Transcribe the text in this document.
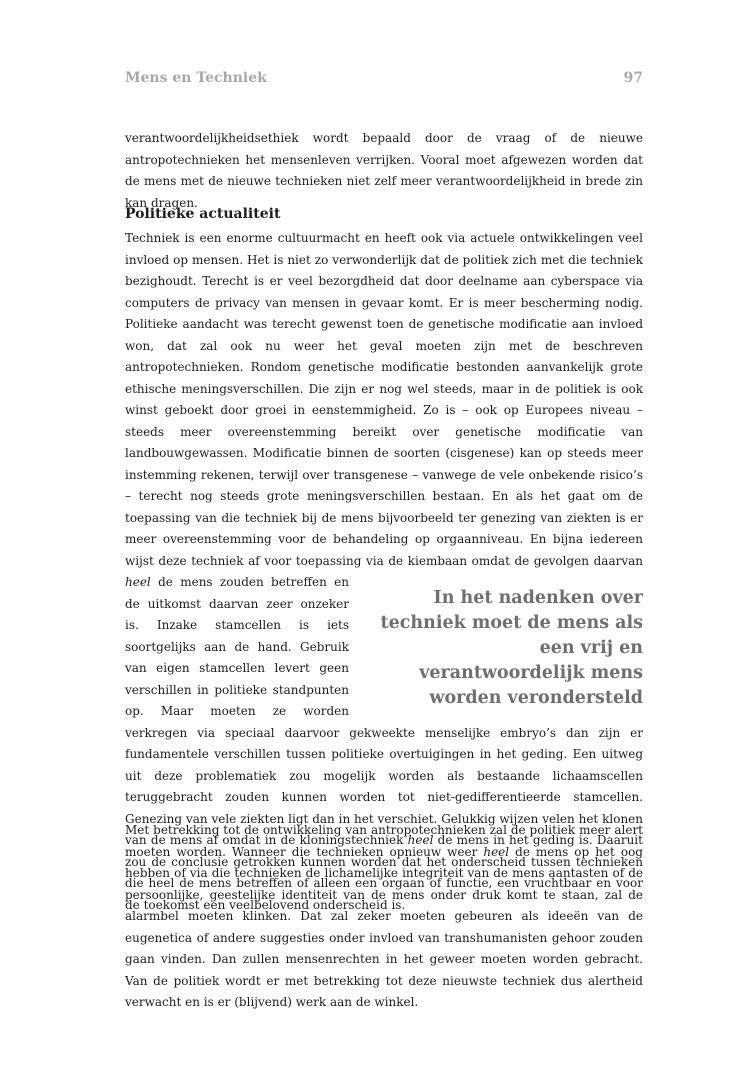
Mens en Techniek	97

verantwoordelijkheidsethiek wordt bepaald door de vraag of de nieuwe antropotechnieken het mensenleven verrijken. Vooral moet afgewezen worden dat de mens met de nieuwe technieken niet zelf meer verantwoordelijkheid in brede zin kan dragen.

Politieke actualiteit
Techniek is een enorme cultuurmacht en heeft ook via actuele ontwikkelingen veel invloed op mensen. Het is niet zo verwonderlijk dat de politiek zich met die techniek bezighoudt. Terecht is er veel bezorgdheid dat door deelname aan cyberspace via computers de privacy van mensen in gevaar komt. Er is meer bescherming nodig. Politieke aandacht was terecht gewenst toen de genetische modificatie aan invloed won, dat zal ook nu weer het geval moeten zijn met de beschreven antropotechnieken. Rondom genetische modificatie bestonden aanvankelijk grote ethische meningsverschillen. Die zijn er nog wel steeds, maar in de politiek is ook winst geboekt door groei in eenstemmigheid. Zo is – ook op Europees niveau – steeds meer overeenstemming bereikt over genetische modificatie van landbouwgewassen. Modificatie binnen de soorten (cisgenese) kan op steeds meer instemming rekenen, terwijl over transgenese – vanwege de vele onbekende risico’s – terecht nog steeds grote meningsverschillen bestaan. En als het gaat om de toepassing van die techniek bij de mens bijvoorbeeld ter genezing van ziekten is er meer overeenstemming voor de behandeling op orgaanniveau. En bijna iedereen wijst deze techniek af voor toepassing via de kiembaan omdat de gevolgen daarvan
In het nadenken over techniek moet de mens als een vrij en verantwoordelijk mens worden verondersteld
heel de mens zouden betreffen en de uitkomst daarvan zeer onzeker is. Inzake stamcellen is iets soortgelijks aan de hand. Gebruik van eigen stamcellen levert geen verschillen in politieke standpunten op. Maar moeten ze worden verkregen via speciaal daarvoor gekweekte menselijke embryo’s dan zijn er fundamentele verschillen tussen politieke overtuigingen in het geding. Een uitweg uit deze problematiek zou mogelijk worden als bestaande lichaamscellen teruggebracht zouden kunnen worden tot niet-gedifferentieerde stamcellen. Genezing van vele ziekten ligt dan in het verschiet. Gelukkig wijzen velen het klonen van de mens af omdat in de kloningstechniek heel de mens in het geding is. Daaruit zou de conclusie getrokken kunnen worden dat het onderscheid tussen technieken die heel de mens betreffen of alleen een orgaan of functie, een vruchtbaar en voor de toekomst een veelbelovend onderscheid is.

Met betrekking tot de ontwikkeling van antropotechnieken zal de politiek meer alert moeten worden. Wanneer die technieken opnieuw weer heel de mens op het oog hebben of via die technieken de lichamelijke integriteit van de mens aantasten of de persoonlijke, geestelijke identiteit van de mens onder druk komt te staan, zal de alarmbel moeten klinken. Dat zal zeker moeten gebeuren als ideeën van de eugenetica of andere suggesties onder invloed van transhumanisten gehoor zouden gaan vinden. Dan zullen mensenrechten in het geweer moeten worden gebracht. Van de politiek wordt er met betrekking tot deze nieuwste techniek dus alertheid verwacht en is er (blijvend) werk aan de winkel.
